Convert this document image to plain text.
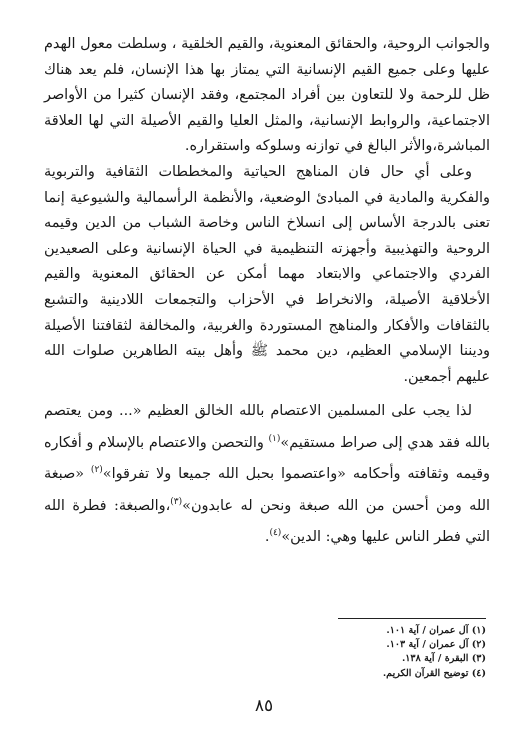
والجوانب الروحية، والحقائق المعنوية، والقيم الخلقية ، وسلطت معول الهدم عليها وعلى جميع القيم الإنسانية التي يمتاز بها هذا الإنسان، فلم يعد هناك ظل للرحمة ولا للتعاون بين أفراد المجتمع، وفقد الإنسان كثيرا من الأواصر الاجتماعية، والروابط الإنسانية، والمثل العليا والقيم الأصيلة التي لها العلاقة المباشرة،والأثر البالغ في توازنه وسلوكه واستقراره.

وعلى أي حال فان المناهج الحياتية والمخططات الثقافية والتربوية والفكرية والمادية في المبادئ الوضعية، والأنظمة الرأسمالية والشيوعية إنما تعنى بالدرجة الأساس إلى انسلاخ الناس وخاصة الشباب من الدين وقيمه الروحية والتهذيبية وأجهزته التنظيمية في الحياة الإنسانية وعلى الصعيدين الفردي والاجتماعي والابتعاد مهما أمكن عن الحقائق المعنوية والقيم الأخلاقية الأصيلة، والانخراط في الأحزاب والتجمعات اللادينية والتشبع بالثقافات والأفكار والمناهج المستوردة والغربية، والمخالفة لثقافتنا الأصيلة وديننا الإسلامي العظيم، دين محمد ﷺ وأهل بيته الطاهرين صلوات الله عليهم أجمعين.

لذا يجب على المسلمين الاعتصام بالله الخالق العظيم «... ومن يعتصم بالله فقد هدي إلى صراط مستقيم»$^{(١)}$ والتحصن والاعتصام بالإسلام و أفكاره وقيمه وثقافته وأحكامه «واعتصموا بحبل الله جميعا ولا تفرقوا»$^{(٢)}$ «صبغة الله ومن أحسن من الله صبغة ونحن له عابدون»$^{(٣)}$،والصبغة: فطرة الله التي فطر الناس عليها وهي: الدين»$^{(٤)}$.

(١) آل عمران / آية ١٠١.
(٢) آل عمران / آية ١٠٣.
(٣) البقرة / آية ١٣٨.
(٤) توضيح القرآن الكريم.
٨٥
